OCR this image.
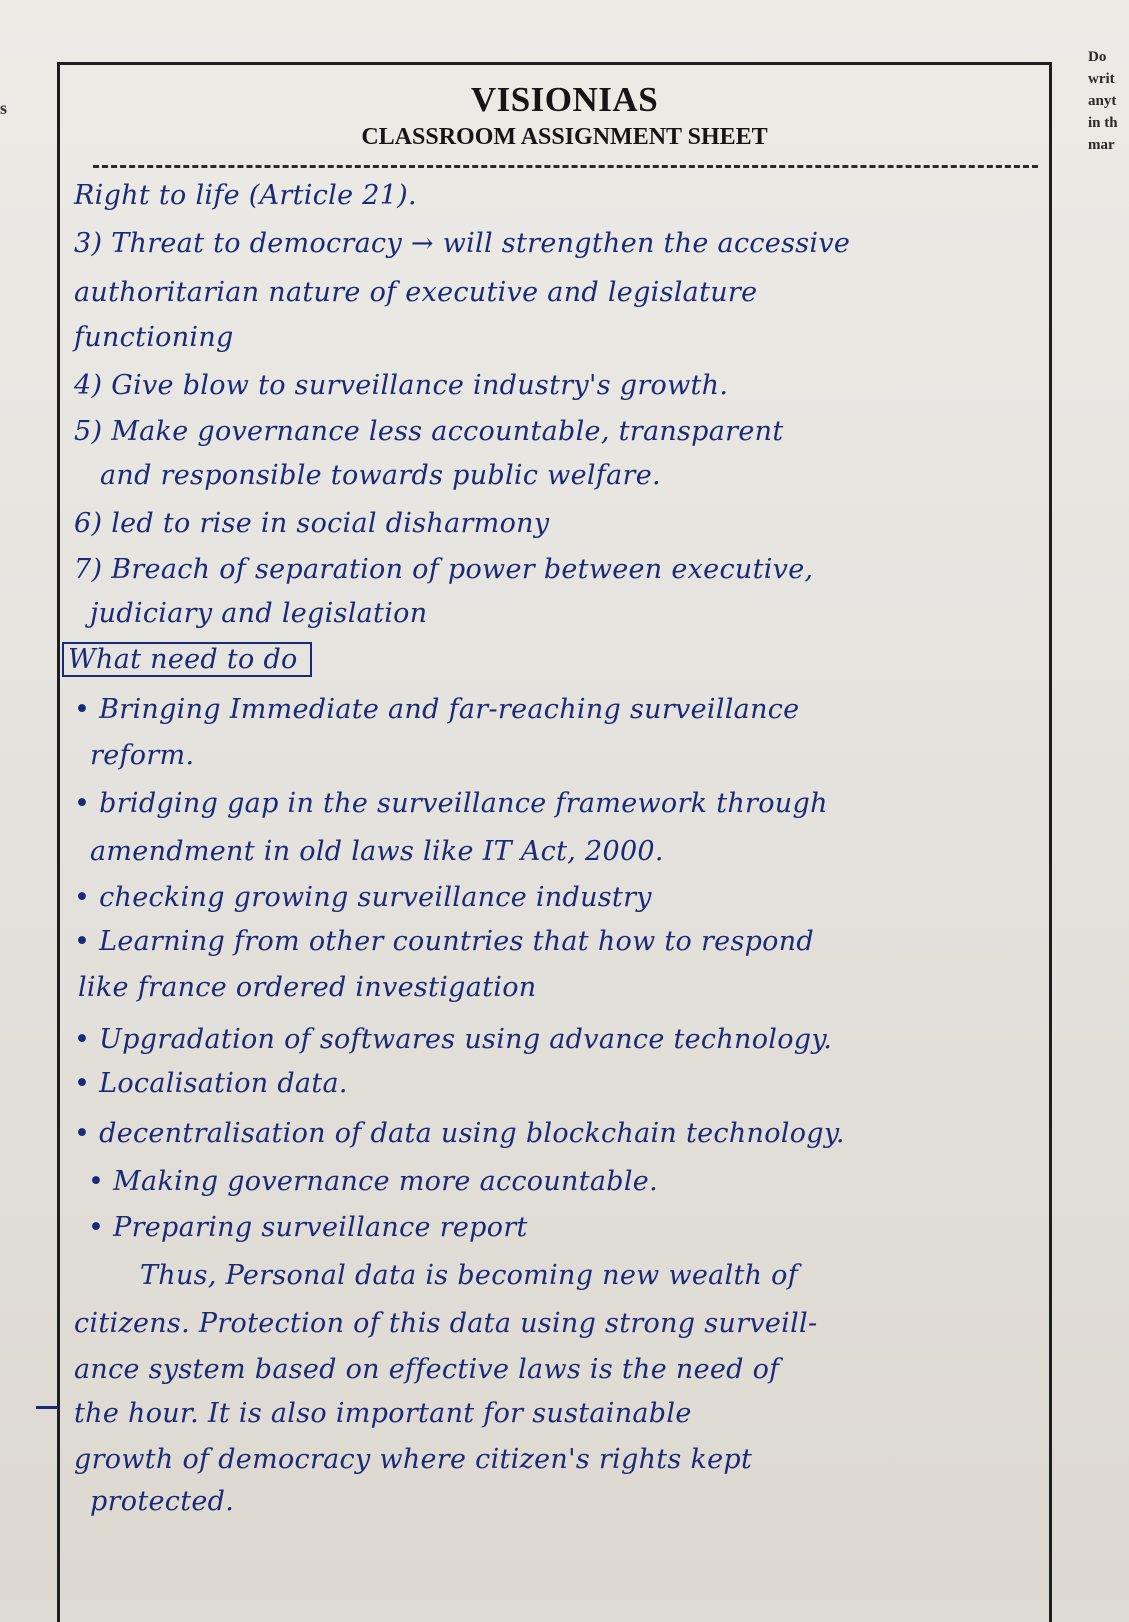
s
Do
writ
anyt
in th
mar
VISIONIAS
CLASSROOM ASSIGNMENT SHEET
Right to life (Article 21).
3) Threat to democracy → will strengthen the accessive
authoritarian nature of executive and legislature
functioning
4) Give blow to surveillance industry's growth.
5) Make governance less accountable, transparent
and responsible towards public welfare.
6) led to rise in social disharmony
7) Breach of separation of power between executive,
judiciary and legislation
What need to do
• Bringing Immediate and far-reaching surveillance
reform.
• bridging gap in the surveillance framework through
amendment in old laws like IT Act, 2000.
• checking growing surveillance industry
• Learning from other countries that how to respond
like france ordered investigation
• Upgradation of softwares using advance technology.
• Localisation data.
• decentralisation of data using blockchain technology.
• Making governance more accountable.
• Preparing surveillance report
Thus, Personal data is becoming new wealth of
citizens. Protection of this data using strong surveill-
ance system based on effective laws is the need of
the hour. It is also important for sustainable
growth of democracy where citizen's rights kept
protected.
